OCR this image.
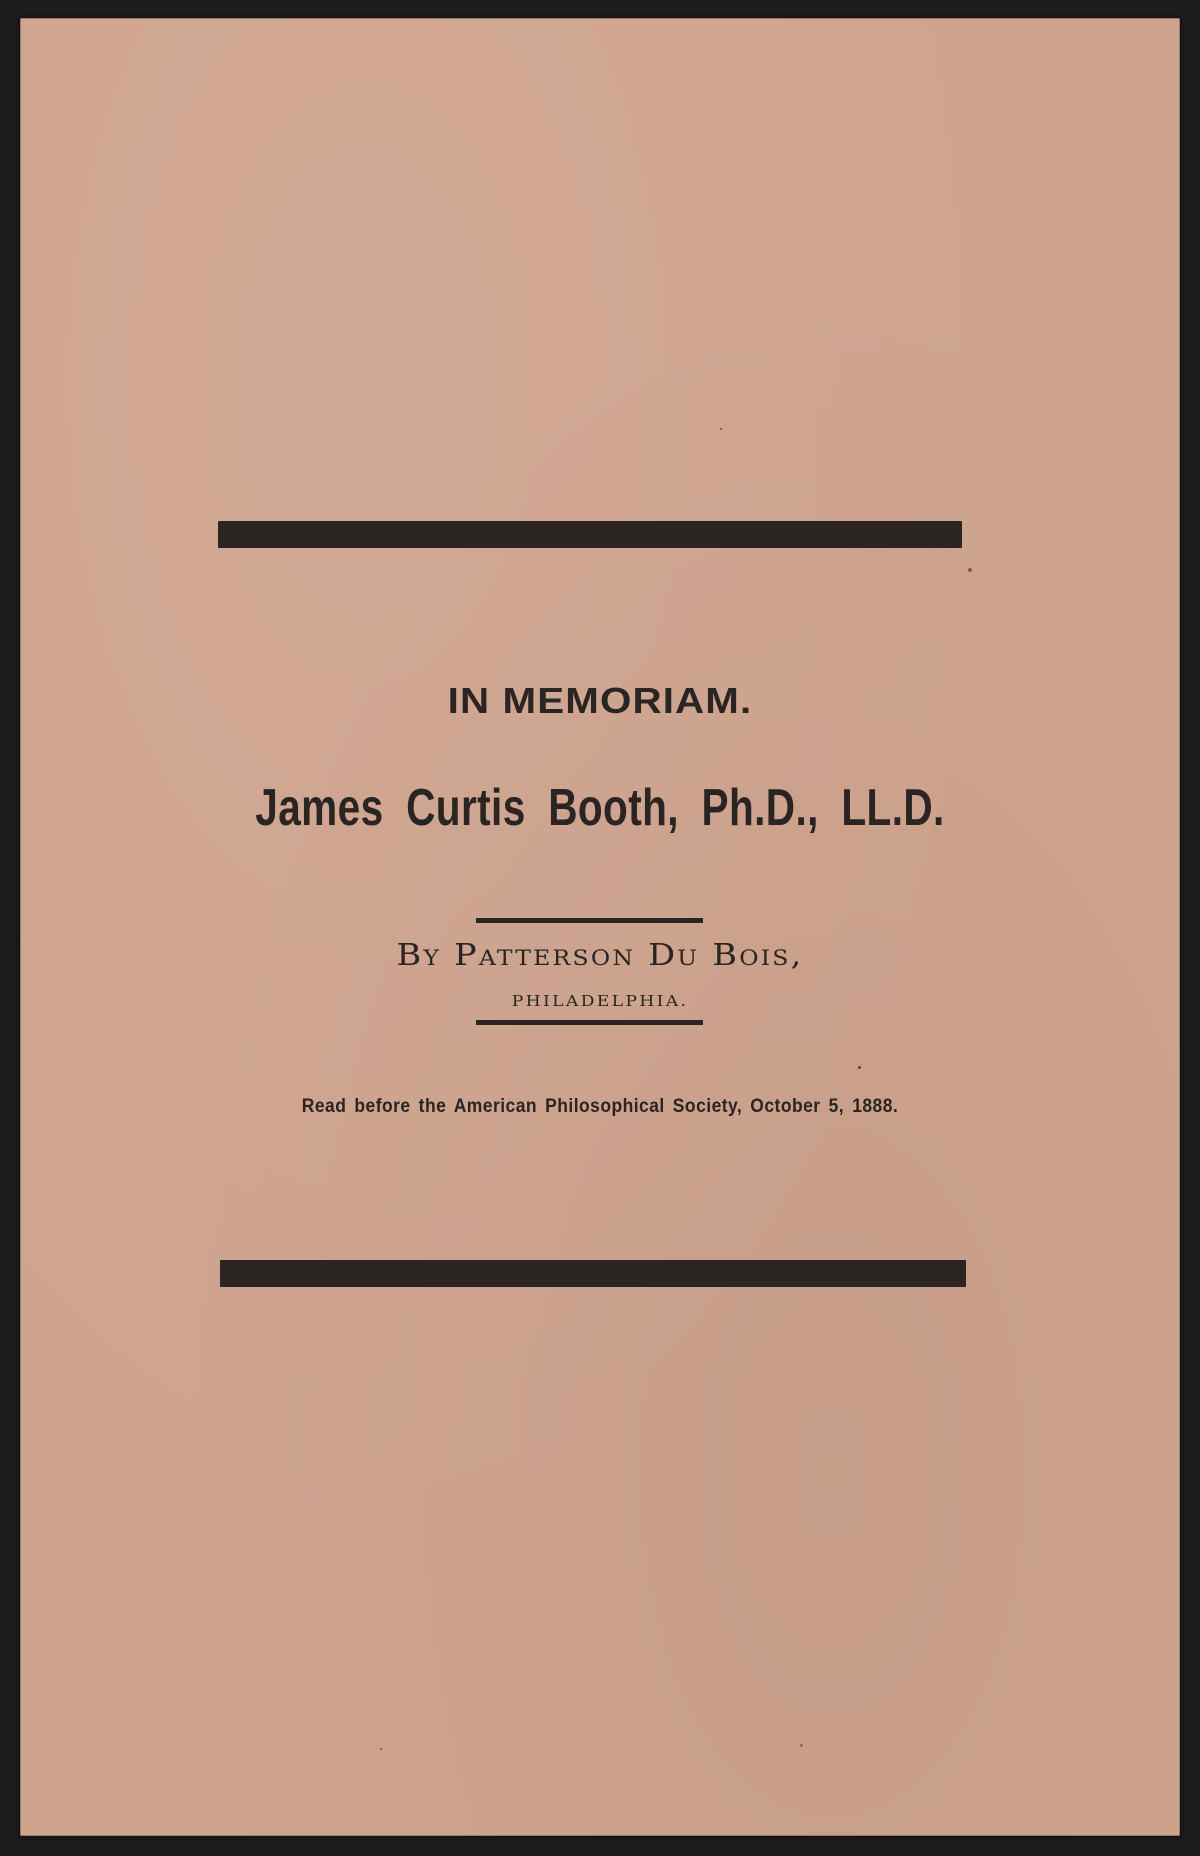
IN MEMORIAM.
James Curtis Booth, Ph.D., LL.D.
By Patterson Du Bois,
PHILADELPHIA.
Read before the American Philosophical Society, October 5, 1888.
